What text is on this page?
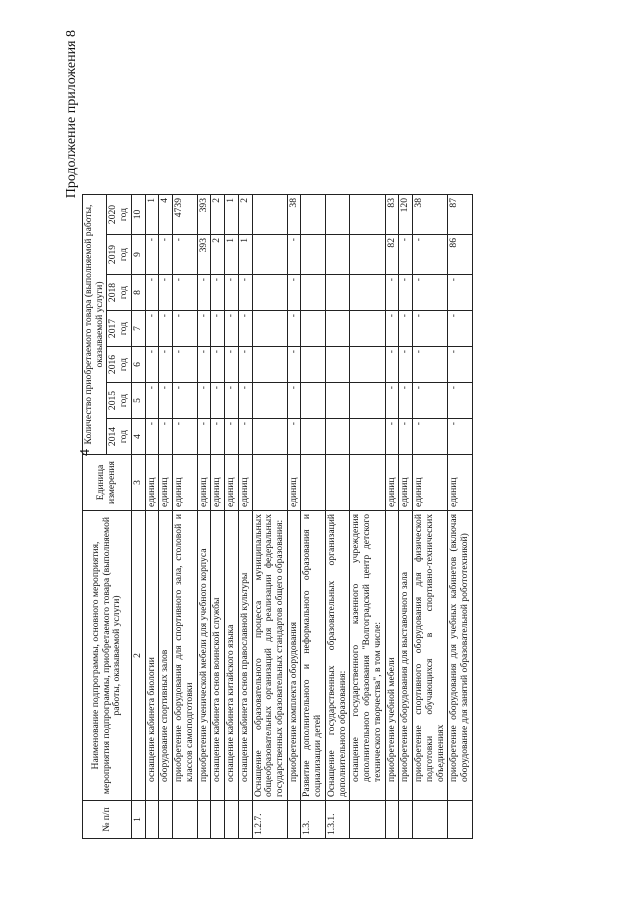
4
Продолжение приложения 8
№ п/п	Наименование подпрограммы, основного мероприятия, мероприятия подпрограммы, приобретаемого товара (выполняемой работы, оказываемой услуги)	Единица измерения	Количество приобретаемого товара (выполняемой работы, оказываемой услуги)						
			2014 год	2015 год	2016 год	2017 год	2018 год	2019 год	2020 год
1	2	3	4	5	6	7	8	9	10
	оснащение кабинета биологии	единиц	-	-	-	-	-	-	1
	оборудование спортивных залов	единиц	-	-	-	-	-	-	4
	приобретение оборудования для спортивного зала, столовой и классов самоподготовки	единиц	-	-	-	-	-	-	4739
	приобретение ученической мебели для учебного корпуса	единиц	-	-	-	-	-	393	393
	оснащение кабинета основ воинской службы	единиц	-	-	-	-	-	2	2
	оснащение кабинета китайского языка	единиц	-	-	-	-	-	1	1
	оснащение кабинета основ православной культуры	единиц	-	-	-	-	-	1	2
1.2.7.	Оснащение образовательного процесса муниципальных общеобразовательных организаций для реализации федеральных государственных образовательных стандартов общего образования:								
	приобретение комплекта оборудования	единиц	-	-	-	-	-	-	38
1.3.	Развитие дополнительного и неформального образования и социализации детей								
1.3.1.	Оснащение государственных образовательных организаций дополнительного образования:								
	оснащение государственного казенного учреждения дополнительного образования "Волгоградский центр детского технического творчества", в том числе:								
	приобретение учебной мебели	единиц	-	-	-	-	-	82	83
	приобретение оборудования для выставочного зала	единиц	-	-	-	-	-	-	120
	приобретение спортивного оборудования для физической подготовки обучающихся в спортивно-технических объединениях	единиц	-	-	-	-	-	-	38
	приобретение оборудования для учебных кабинетов (включая оборудование для занятий образовательной робототехникой)	единиц	-	-	-	-	-	86	87
